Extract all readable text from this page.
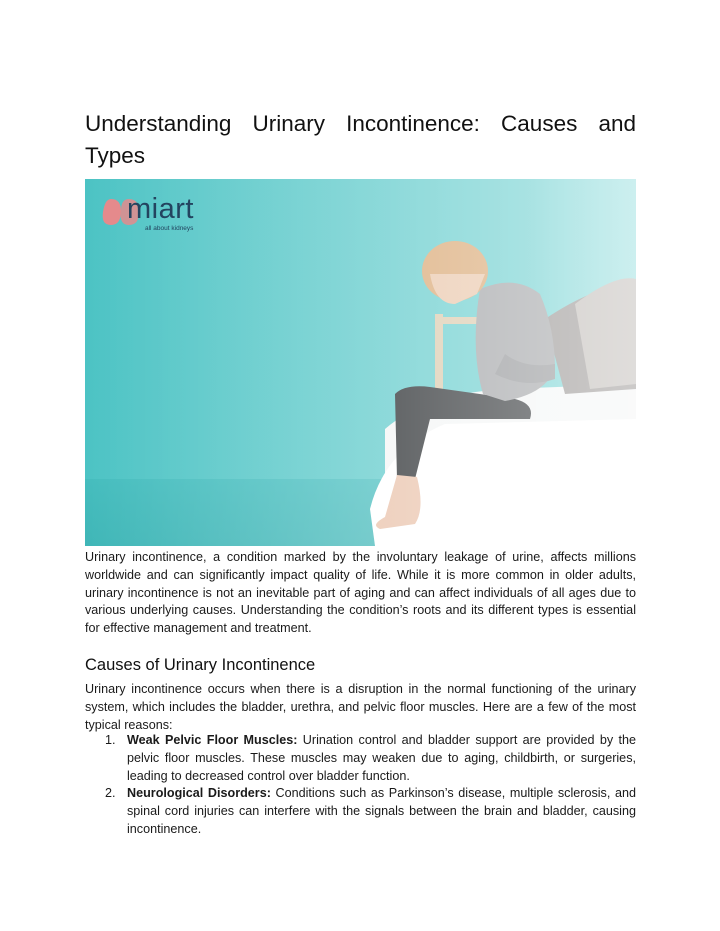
Understanding Urinary Incontinence: Causes and Types
miart
all about kidneys

Urinary incontinence, a condition marked by the involuntary leakage of urine, affects millions worldwide and can significantly impact quality of life. While it is more common in older adults, urinary incontinence is not an inevitable part of aging and can affect individuals of all ages due to various underlying causes. Understanding the condition’s roots and its different types is essential for effective management and treatment.

Causes of Urinary Incontinence

Urinary incontinence occurs when there is a disruption in the normal functioning of the urinary system, which includes the bladder, urethra, and pelvic floor muscles. Here are a few of the most typical reasons:

1. Weak Pelvic Floor Muscles: Urination control and bladder support are provided by the pelvic floor muscles. These muscles may weaken due to aging, childbirth, or surgeries, leading to decreased control over bladder function.
2. Neurological Disorders: Conditions such as Parkinson’s disease, multiple sclerosis, and spinal cord injuries can interfere with the signals between the brain and bladder, causing incontinence.
